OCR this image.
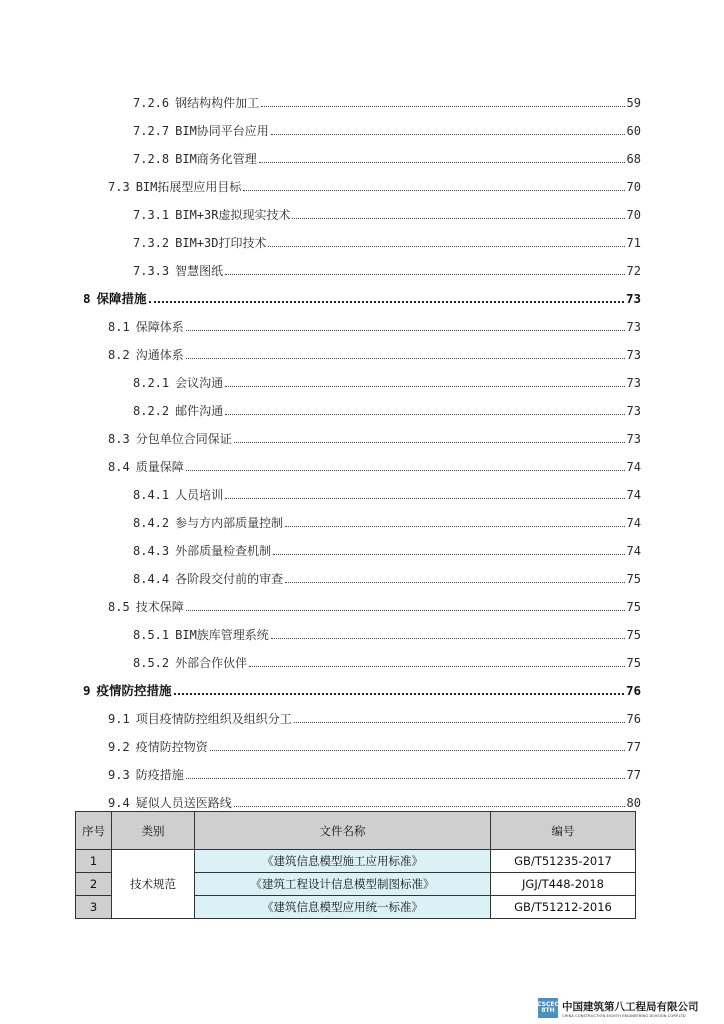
7.2.6 钢结构构件加工	59
7.2.7 BIM协同平台应用	60
7.2.8 BIM商务化管理	68
7.3 BIM拓展型应用目标	70
7.3.1 BIM+3R虚拟现实技术	70
7.3.2 BIM+3D打印技术	71
7.3.3 智慧图纸	72
8 保障措施	73
8.1 保障体系	73
8.2 沟通体系	73
8.2.1 会议沟通	73
8.2.2 邮件沟通	73
8.3 分包单位合同保证	73
8.4 质量保障	74
8.4.1 人员培训	74
8.4.2 参与方内部质量控制	74
8.4.3 外部质量检查机制	74
8.4.4 各阶段交付前的审查	75
8.5 技术保障	75
8.5.1 BIM族库管理系统	75
8.5.2 外部合作伙伴	75
9 疫情防控措施	76
9.1 项目疫情防控组织及组织分工	76
9.2 疫情防控物资	77
9.3 防疫措施	77
9.4 疑似人员送医路线	80
序号	类别	文件名称	编号
1	技术规范	《建筑信息模型施工应用标准》	GB/T51235-2017
2		《建筑工程设计信息模型制图标准》	JGJ/T448-2018
3		《建筑信息模型应用统一标准》	GB/T51212-2016
CSCEC 8TH 中国建筑第八工程局有限公司
CHINA CONSTRUCTION EIGHTH ENGINEERING DIVISION CORP.LTD
